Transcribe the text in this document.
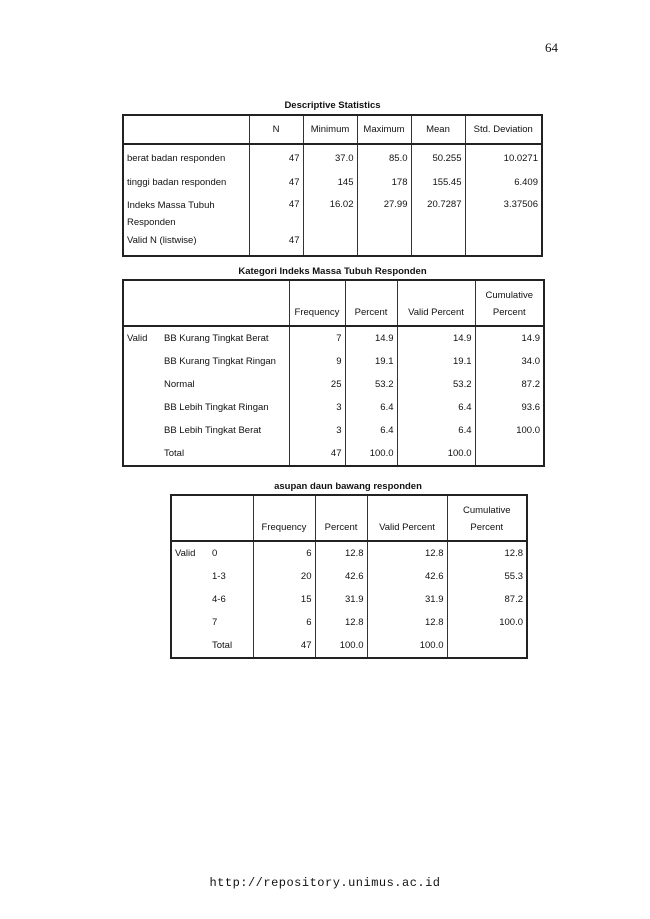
64
Descriptive Statistics
	N	Minimum	Maximum	Mean	Std. Deviation
berat badan responden	47	37.0	85.0	50.255	10.0271
tinggi badan responden	47	145	178	155.45	6.409
Indeks Massa Tubuh Responden	47	16.02	27.99	20.7287	3.37506
Valid N (listwise)	47				
Kategori Indeks Massa Tubuh Responden
		Frequency	Percent	Valid Percent	Cumulative Percent
Valid	BB Kurang Tingkat Berat	7	14.9	14.9	14.9
	BB Kurang Tingkat Ringan	9	19.1	19.1	34.0
	Normal	25	53.2	53.2	87.2
	BB Lebih Tingkat Ringan	3	6.4	6.4	93.6
	BB Lebih Tingkat Berat	3	6.4	6.4	100.0
	Total	47	100.0	100.0	
asupan daun bawang responden
		Frequency	Percent	Valid Percent	Cumulative Percent
Valid	0	6	12.8	12.8	12.8
	1-3	20	42.6	42.6	55.3
	4-6	15	31.9	31.9	87.2
	7	6	12.8	12.8	100.0
	Total	47	100.0	100.0	
http://repository.unimus.ac.id
